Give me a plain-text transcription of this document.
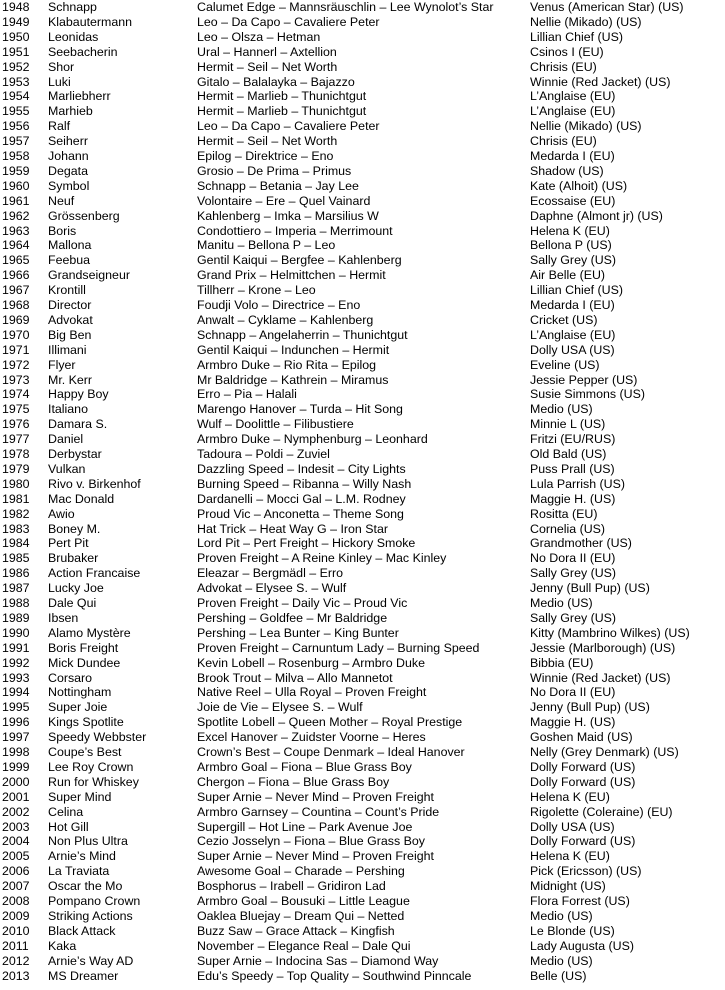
1948 Schnapp	Calumet Edge – Mannsräuschlin – Lee Wynolot’s Star	Venus (American Star) (US)
1949 Klabautermann	Leo – Da Capo – Cavaliere Peter	Nellie (Mikado) (US)
1950 Leonidas	Leo – Olsza – Hetman	Lillian Chief (US)
1951 Seebacherin	Ural – Hannerl – Axtellion	Csinos I (EU)
1952 Shor	Hermit – Seil – Net Worth	Chrisis (EU)
1953 Luki	Gitalo – Balalayka – Bajazzo	Winnie (Red Jacket) (US)
1954 Marliebherr	Hermit – Marlieb – Thunichtgut	L’Anglaise (EU)
1955 Marhieb	Hermit – Marlieb – Thunichtgut	L’Anglaise (EU)
1956 Ralf	Leo – Da Capo – Cavaliere Peter	Nellie (Mikado) (US)
1957 Seiherr	Hermit – Seil – Net Worth	Chrisis (EU)
1958 Johann	Epilog – Direktrice – Eno	Medarda I (EU)
1959 Degata	Grosio – De Prima – Primus	Shadow (US)
1960 Symbol	Schnapp – Betania – Jay Lee	Kate (Alhoit) (US)
1961 Neuf	Volontaire – Ere – Quel Vainard	Ecossaise (EU)
1962 Grössenberg	Kahlenberg – Imka – Marsilius W	Daphne (Almont jr) (US)
1963 Boris	Condottiero – Imperia – Merrimount	Helena K (EU)
1964 Mallona	Manitu – Bellona P – Leo	Bellona P (US)
1965 Feebua	Gentil Kaiqui – Bergfee – Kahlenberg	Sally Grey (US)
1966 Grandseigneur	Grand Prix – Helmittchen – Hermit	Air Belle (EU)
1967 Krontill	Tillherr – Krone – Leo	Lillian Chief (US)
1968 Director	Foudji Volo – Directrice – Eno	Medarda I (EU)
1969 Advokat	Anwalt – Cyklame – Kahlenberg	Cricket (US)
1970 Big Ben	Schnapp – Angelaherrin – Thunichtgut	L’Anglaise (EU)
1971 Illimani	Gentil Kaiqui – Indunchen – Hermit	Dolly USA (US)
1972 Flyer	Armbro Duke – Rio Rita – Epilog	Eveline (US)
1973 Mr. Kerr	Mr Baldridge – Kathrein – Miramus	Jessie Pepper (US)
1974 Happy Boy	Erro – Pia – Halali	Susie Simmons (US)
1975 Italiano	Marengo Hanover – Turda – Hit Song	Medio (US)
1976 Damara S.	Wulf – Doolittle – Filibustiere	Minnie L (US)
1977 Daniel	Armbro Duke – Nymphenburg – Leonhard	Fritzi (EU/RUS)
1978 Derbystar	Tadoura – Poldi – Zuviel	Old Bald (US)
1979 Vulkan	Dazzling Speed – Indesit – City Lights	Puss Prall (US)
1980 Rivo v. Birkenhof	Burning Speed – Ribanna – Willy Nash	Lula Parrish (US)
1981 Mac Donald	Dardanelli – Mocci Gal – L.M. Rodney	Maggie H. (US)
1982 Awio	Proud Vic – Anconetta – Theme Song	Rositta (EU)
1983 Boney M.	Hat Trick – Heat Way G – Iron Star	Cornelia (US)
1984 Pert Pit	Lord Pit – Pert Freight – Hickory Smoke	Grandmother (US)
1985 Brubaker	Proven Freight – A Reine Kinley – Mac Kinley	No Dora II (EU)
1986 Action Francaise	Eleazar – Bergmädl – Erro	Sally Grey (US)
1987 Lucky Joe	Advokat – Elysee S. – Wulf	Jenny (Bull Pup) (US)
1988 Dale Qui	Proven Freight – Daily Vic – Proud Vic	Medio (US)
1989 Ibsen	Pershing – Goldfee – Mr Baldridge	Sally Grey (US)
1990 Alamo Mystère	Pershing – Lea Bunter – King Bunter	Kitty (Mambrino Wilkes) (US)
1991 Boris Freight	Proven Freight – Carnuntum Lady – Burning Speed	Jessie (Marlborough) (US)
1992 Mick Dundee	Kevin Lobell – Rosenburg – Armbro Duke	Bibbia (EU)
1993 Corsaro	Brook Trout – Milva – Allo Mannetot	Winnie (Red Jacket) (US)
1994 Nottingham	Native Reel – Ulla Royal – Proven Freight	No Dora II (EU)
1995 Super Joie	Joie de Vie – Elysee S. – Wulf	Jenny (Bull Pup) (US)
1996 Kings Spotlite	Spotlite Lobell – Queen Mother – Royal Prestige	Maggie H. (US)
1997 Speedy Webbster	Excel Hanover – Zuidster Voorne – Heres	Goshen Maid (US)
1998 Coupe’s Best	Crown’s Best – Coupe Denmark – Ideal Hanover	Nelly (Grey Denmark) (US)
1999 Lee Roy Crown	Armbro Goal – Fiona – Blue Grass Boy	Dolly Forward (US)
2000 Run for Whiskey	Chergon – Fiona – Blue Grass Boy	Dolly Forward (US)
2001 Super Mind	Super Arnie – Never Mind – Proven Freight	Helena K (EU)
2002 Celina	Armbro Garnsey – Countina – Count’s Pride	Rigolette (Coleraine) (EU)
2003 Hot Gill	Supergill – Hot Line – Park Avenue Joe	Dolly USA (US)
2004 Non Plus Ultra	Cezio Josselyn – Fiona – Blue Grass Boy	Dolly Forward (US)
2005 Arnie’s Mind	Super Arnie – Never Mind – Proven Freight	Helena K (EU)
2006 La Traviata	Awesome Goal – Charade – Pershing	Pick (Ericsson) (US)
2007 Oscar the Mo	Bosphorus – Irabell – Gridiron Lad	Midnight (US)
2008 Pompano Crown	Armbro Goal – Bousuki – Little League	Flora Forrest (US)
2009 Striking Actions	Oaklea Bluejay – Dream Qui – Netted	Medio (US)
2010 Black Attack	Buzz Saw – Grace Attack – Kingfish	Le Blonde (US)
2011 Kaka	November – Elegance Real – Dale Qui	Lady Augusta (US)
2012 Arnie’s Way AD	Super Arnie – Indocina Sas – Diamond Way	Medio (US)
2013 MS Dreamer	Edu’s Speedy – Top Quality – Southwind Pinncale	Belle (US)
